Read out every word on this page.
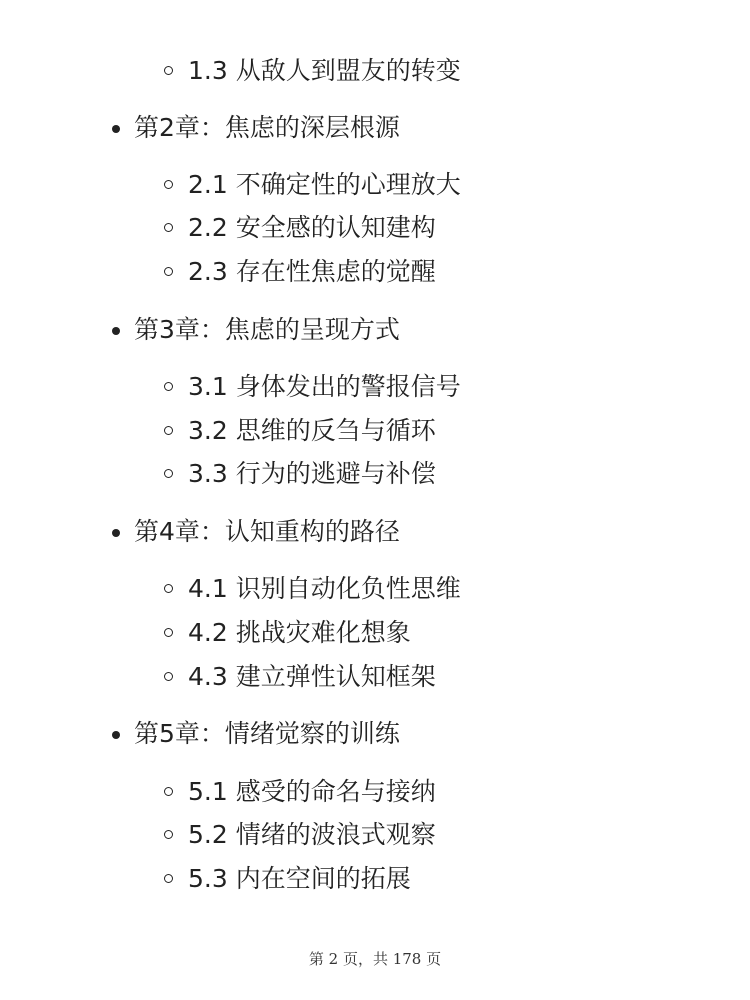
1.3 从敌人到盟友的转变
第2章：焦虑的深层根源
2.1 不确定性的心理放大
2.2 安全感的认知建构
2.3 存在性焦虑的觉醒
第3章：焦虑的呈现方式
3.1 身体发出的警报信号
3.2 思维的反刍与循环
3.3 行为的逃避与补偿
第4章：认知重构的路径
4.1 识别自动化负性思维
4.2 挑战灾难化想象
4.3 建立弹性认知框架
第5章：情绪觉察的训练
5.1 感受的命名与接纳
5.2 情绪的波浪式观察
5.3 内在空间的拓展
第 2 页，共 178 页
